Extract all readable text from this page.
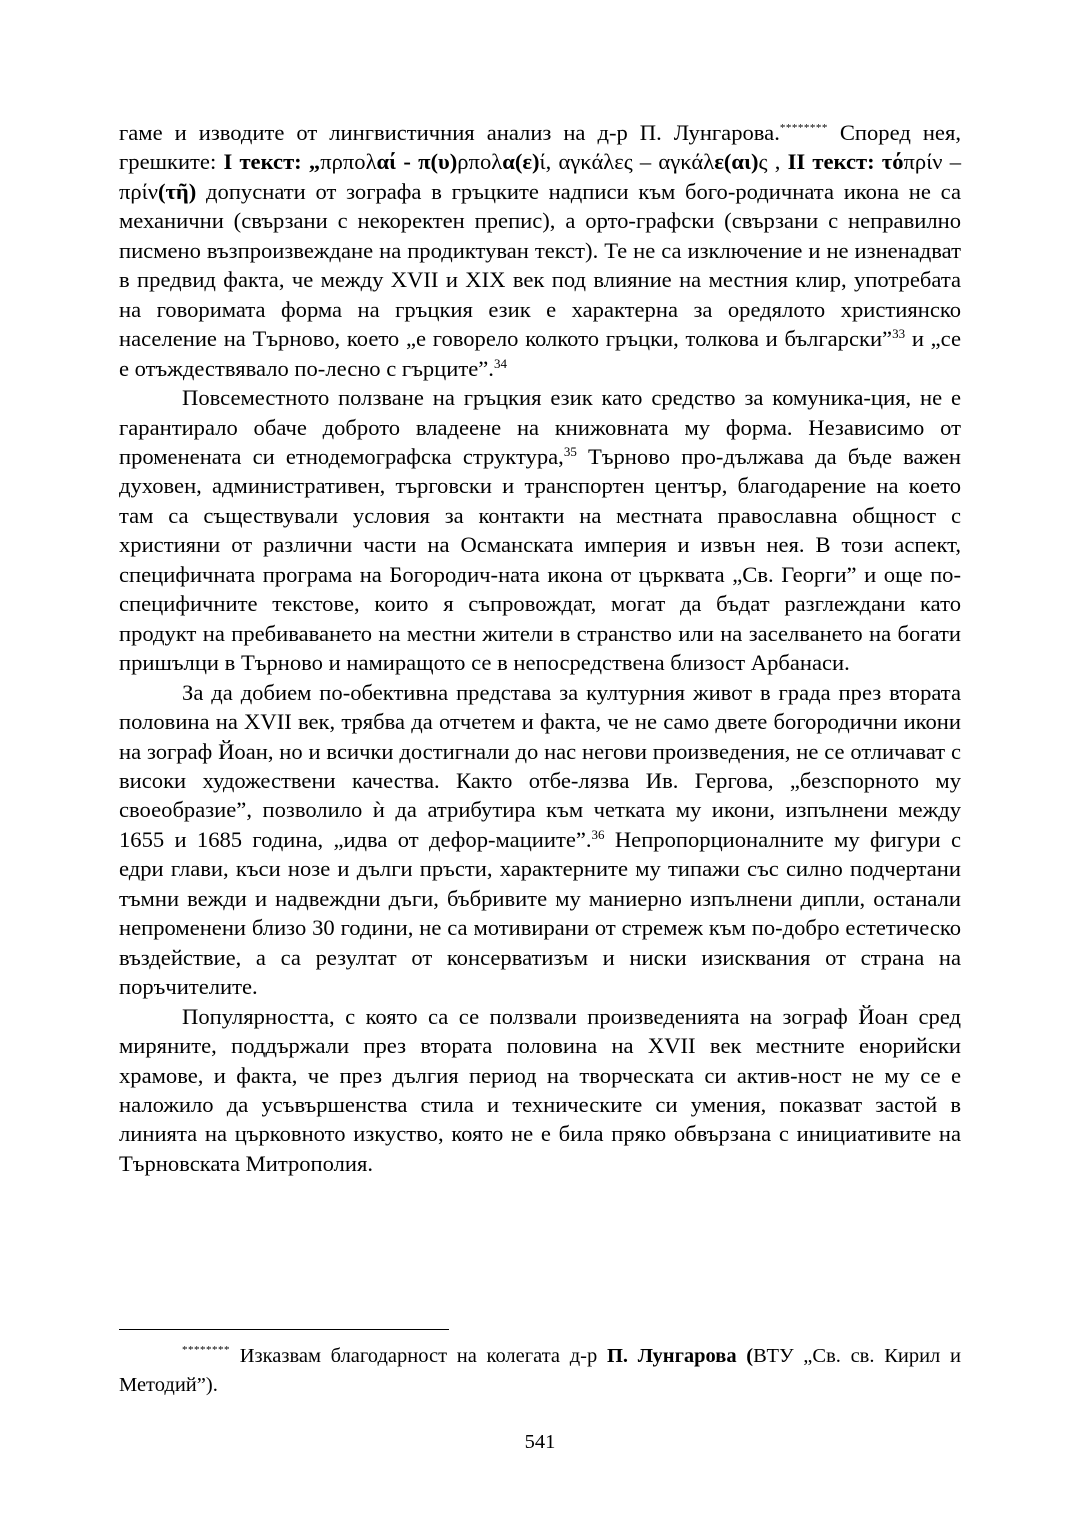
гаме и изводите от лингвистичния анализ на д-р П. Лунгарова.******** Според нея, грешките: I текст: „πρπολαί - π(υ)ρπολα(ε)ί, αγκάλες – αγκάλε(αι)ς , II текст: τόπρίν – πρίν(τῆ) допуснати от зографа в гръцките надписи към бого-родичната икона не са механични (свързани с некоректен препис), а орто-графски (свързани с неправилно писмено възпроизвеждане на продиктуван текст). Те не са изключение и не изненадват в предвид факта, че между XVII и XIX век под влияние на местния клир, употребата на говоримата форма на гръцкия език е характерна за оредялото християнско население на Търново, което „е говорело колкото гръцки, толкова и български”$^{33}$ и „се е отъждествявало по-лесно с гърците”.$^{34}$

Повсеместното ползване на гръцкия език като средство за комуника-ция, не е гарантирало обаче доброто владеене на книжовната му форма. Независимо от променената си етнодемографска структура,$^{35}$ Търново про-дължава да бъде важен духовен, административен, търговски и транспортен център, благодарение на което там са съществували условия за контакти на местната православна общност с християни от различни части на Османската империя и извън нея. В този аспект, специфичната програма на Богородич-ната икона от църквата „Св. Георги” и още по-специфичните текстове, които я съпровождат, могат да бъдат разглеждани като продукт на пребиваването на местни жители в странство или на заселването на богати пришълци в Търново и намиращото се в непосредствена близост Арбанаси.

За да добием по-обективна представа за културния живот в града през втората половина на XVII век, трябва да отчетем и факта, че не само двете богородични икони на зограф Йоан, но и всички достигнали до нас негови произведения, не се отличават с високи художествени качества. Както отбе-лязва Ив. Гергова, „безспорното му своеобразие”, позволило ѝ да атрибутира към четката му икони, изпълнени между 1655 и 1685 година, „идва от дефор-мациите”.$^{36}$ Непропорционалните му фигури с едри глави, къси нозе и дълги пръсти, характерните му типажи със силно подчертани тъмни вежди и надвеждни дъги, бъбривите му маниерно изпълнени дипли, останали непроменени близо 30 години, не са мотивирани от стремеж към по-добро естетическо въздействие, а са резултат от консерватизъм и ниски изисквания от страна на поръчителите.

Популярността, с която са се ползвали произведенията на зограф Йоан сред миряните, поддържали през втората половина на XVII век местните енорийски храмове, и факта, че през дългия период на творческата си актив-ност не му се е наложило да усъвършенства стила и техническите си умения, показват застой в линията на църковното изкуство, която не е била пряко обвързана с инициативите на Търновската Митрополия.

******** Изказвам благодарност на колегата д-р П. Лунгарова (ВТУ „Св. св. Кирил и Методий”).

541
